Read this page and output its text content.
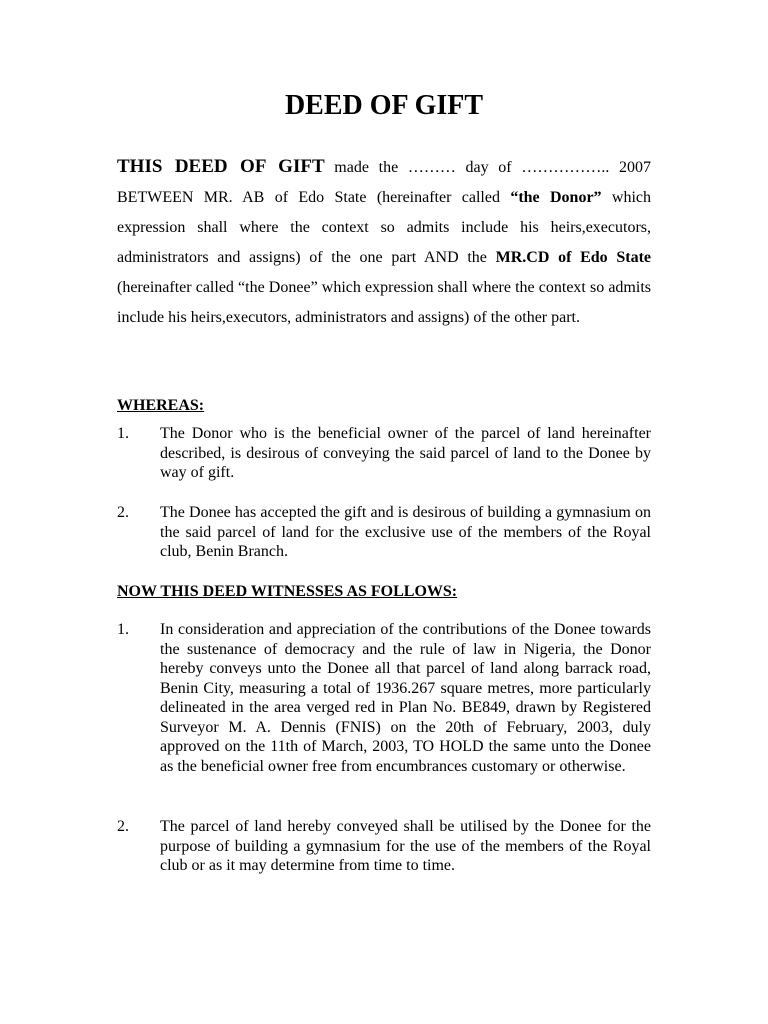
DEED OF GIFT

THIS DEED OF GIFT made the ……… day of …………….. 2007 BETWEEN MR. AB of Edo State (hereinafter called “the Donor” which expression shall where the context so admits include his heirs,executors, administrators and assigns) of the one part AND the MR.CD of Edo State (hereinafter called “the Donee” which expression shall where the context so admits include his heirs,executors, administrators and assigns) of the other part.

WHEREAS:
1.	The Donor who is the beneficial owner of the parcel of land hereinafter described, is desirous of conveying the said parcel of land to the Donee by way of gift.
2.	The Donee has accepted the gift and is desirous of building a gymnasium on the said parcel of land for the exclusive use of the members of the Royal club, Benin Branch.
NOW THIS DEED WITNESSES AS FOLLOWS:
1.	In consideration and appreciation of the contributions of the Donee towards the sustenance of democracy and the rule of law in Nigeria, the Donor hereby conveys unto the Donee all that parcel of land along barrack road, Benin City, measuring a total of 1936.267 square metres, more particularly delineated in the area verged red in Plan No. BE849, drawn by Registered Surveyor M. A. Dennis (FNIS) on the 20th of February, 2003, duly approved on the 11th of March, 2003, TO HOLD the same unto the Donee as the beneficial owner free from encumbrances customary or otherwise.
2.	The parcel of land hereby conveyed shall be utilised by the Donee for the purpose of building a gymnasium for the use of the members of the Royal club or as it may determine from time to time.
